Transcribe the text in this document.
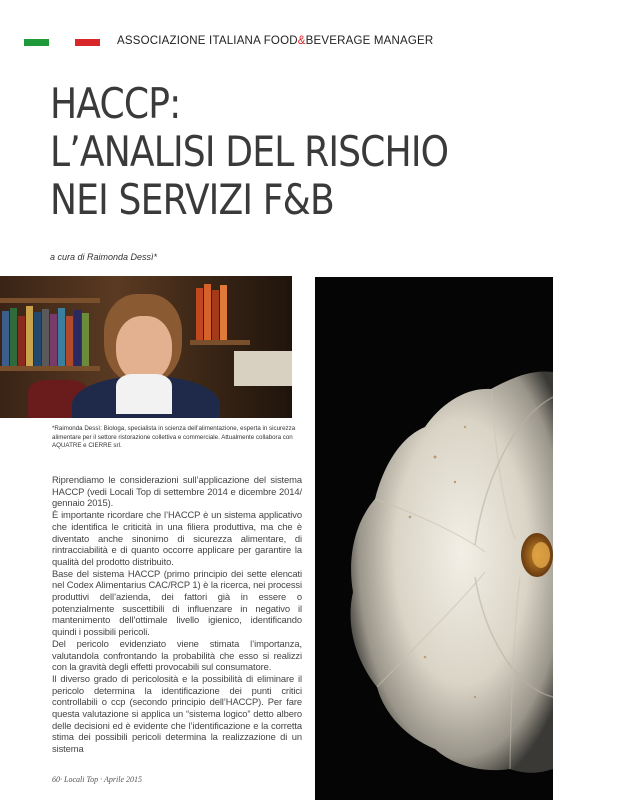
ASSOCIAZIONE ITALIANA FOOD&BEVERAGE MANAGER
HACCP:
L’ANALISI DEL RISCHIO
NEI SERVIZI F&B
a cura di Raimonda Dessì*
*Raimonda Dessì: Biologa, specialista in scienza dell’alimentazione, esperta in sicurezza alimentare per il settore ristorazione collettiva e commerciale. Attualmente collabora con AQUATRE e CIERRE srl.

Riprendiamo le considerazioni sull’applicazione del sistema HACCP (vedi Locali Top di settembre 2014 e dicembre 2014/ gennaio 2015).

È importante ricordare che l’HACCP è un sistema applicativo che identifica le criticità in una filiera produttiva, ma che è diventato anche sinonimo di sicurezza alimentare, di rintracciabilità e di quanto occorre applicare per garantire la qualità del prodotto distribuito.

Base del sistema HACCP (primo principio dei sette elencati nel Codex Alimentarius CAC/RCP 1) è la ricerca, nei processi produttivi dell’azienda, dei fattori già in essere o potenzialmente suscettibili di influenzare in negativo il mantenimento dell’ottimale livello igienico, identificando quindi i possibili pericoli.

Del pericolo evidenziato viene stimata l’importanza, valutandola confrontando la probabilità che esso si realizzi con la gravità degli effetti provocabili sul consumatore.

Il diverso grado di pericolosità e la possibilità di eliminare il pericolo determina la identificazione dei punti critici controllabili o ccp (secondo principio dell’HACCP). Per fare questa valutazione si applica un “sistema logico” detto albero delle decisioni ed è evidente che l’identificazione e la corretta stima dei possibili pericoli determina la realizzazione di un sistema

60· Locali Top · Aprile 2015
